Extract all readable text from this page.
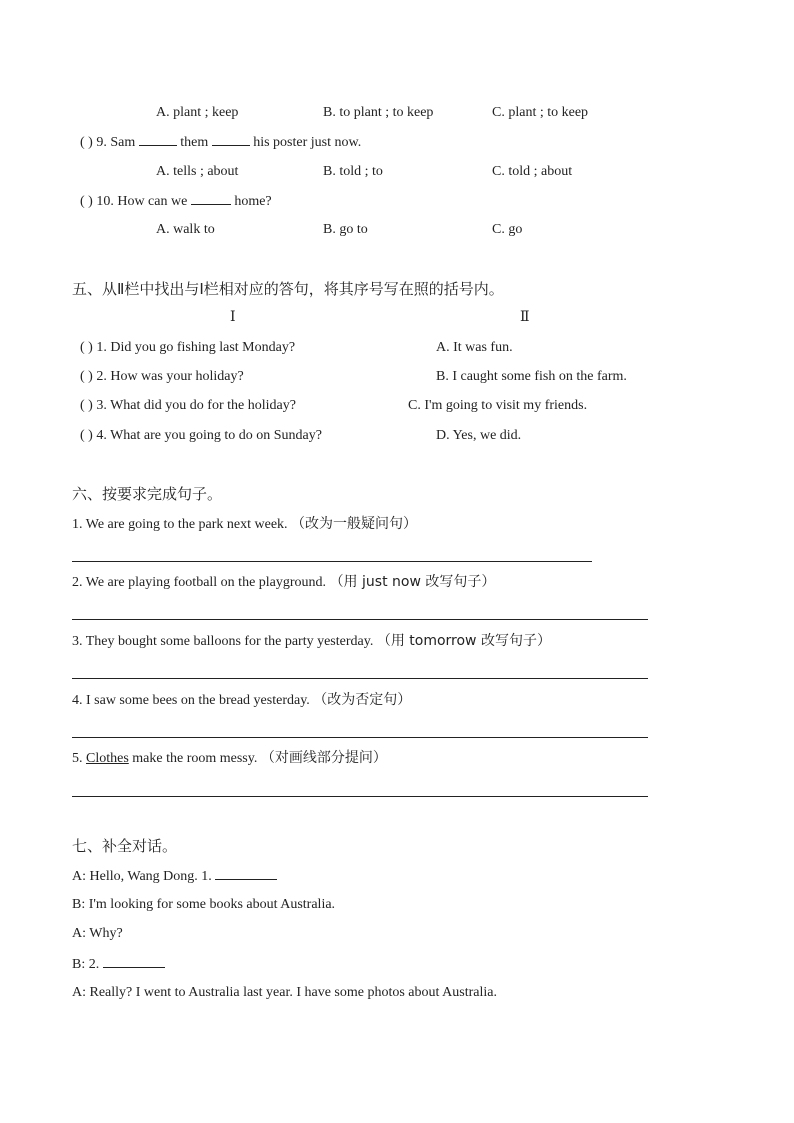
A. plant ; keep	B. to plant ; to keep	C. plant ; to keep
( ) 9. Sam	them	his poster just now.
A. tells ; about	B. told ; to	C. told ; about
( ) 10. How can we	home?
A. walk to	B. go to	C. go
五、从Ⅱ栏中找出与Ⅰ栏相对应的答句，将其序号写在照的括号内。
Ⅰ	Ⅱ
( ) 1. Did you go fishing last Monday?	A. It was fun.
( ) 2. How was your holiday?	B. I caught some fish on the farm.
( ) 3. What did you do for the holiday?	C. I'm going to visit my friends.
( ) 4. What are you going to do on Sunday?	D. Yes, we did.
六、按要求完成句子。
1. We are going to the park next week. （改为一般疑问句）
2. We are playing football on the playground. （用 just now 改写句子）
3. They bought some balloons for the party yesterday. （用 tomorrow 改写句子）
4. I saw some bees on the bread yesterday. （改为否定句）
5. Clothes make the room messy. （对画线部分提问）
七、补全对话。
A: Hello, Wang Dong. 1.
B: I'm looking for some books about Australia.
A: Why?
B: 2.
A: Really? I went to Australia last year. I have some photos about Australia.
